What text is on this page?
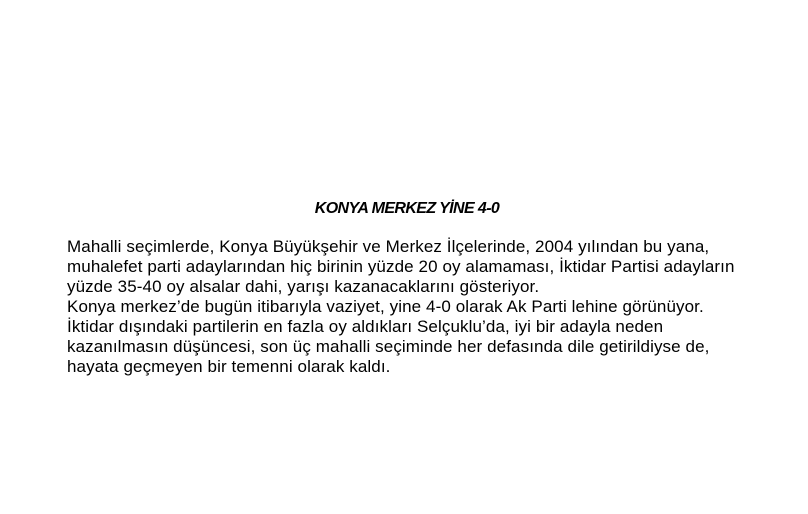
KONYA MERKEZ YİNE 4-0

Mahalli seçimlerde, Konya Büyükşehir ve Merkez İlçelerinde, 2004 yılından bu yana, muhalefet parti adaylarından hiç birinin yüzde 20 oy alamaması, İktidar Partisi adayların yüzde 35-40 oy alsalar dahi, yarışı kazanacaklarını gösteriyor.

Konya merkez’de bugün itibarıyla vaziyet, yine 4-0 olarak Ak Parti lehine görünüyor. İktidar dışındaki partilerin en fazla oy aldıkları Selçuklu’da, iyi bir adayla neden kazanılmasın düşüncesi, son üç mahalli seçiminde her defasında dile getirildiyse de, hayata geçmeyen bir temenni olarak kaldı.
